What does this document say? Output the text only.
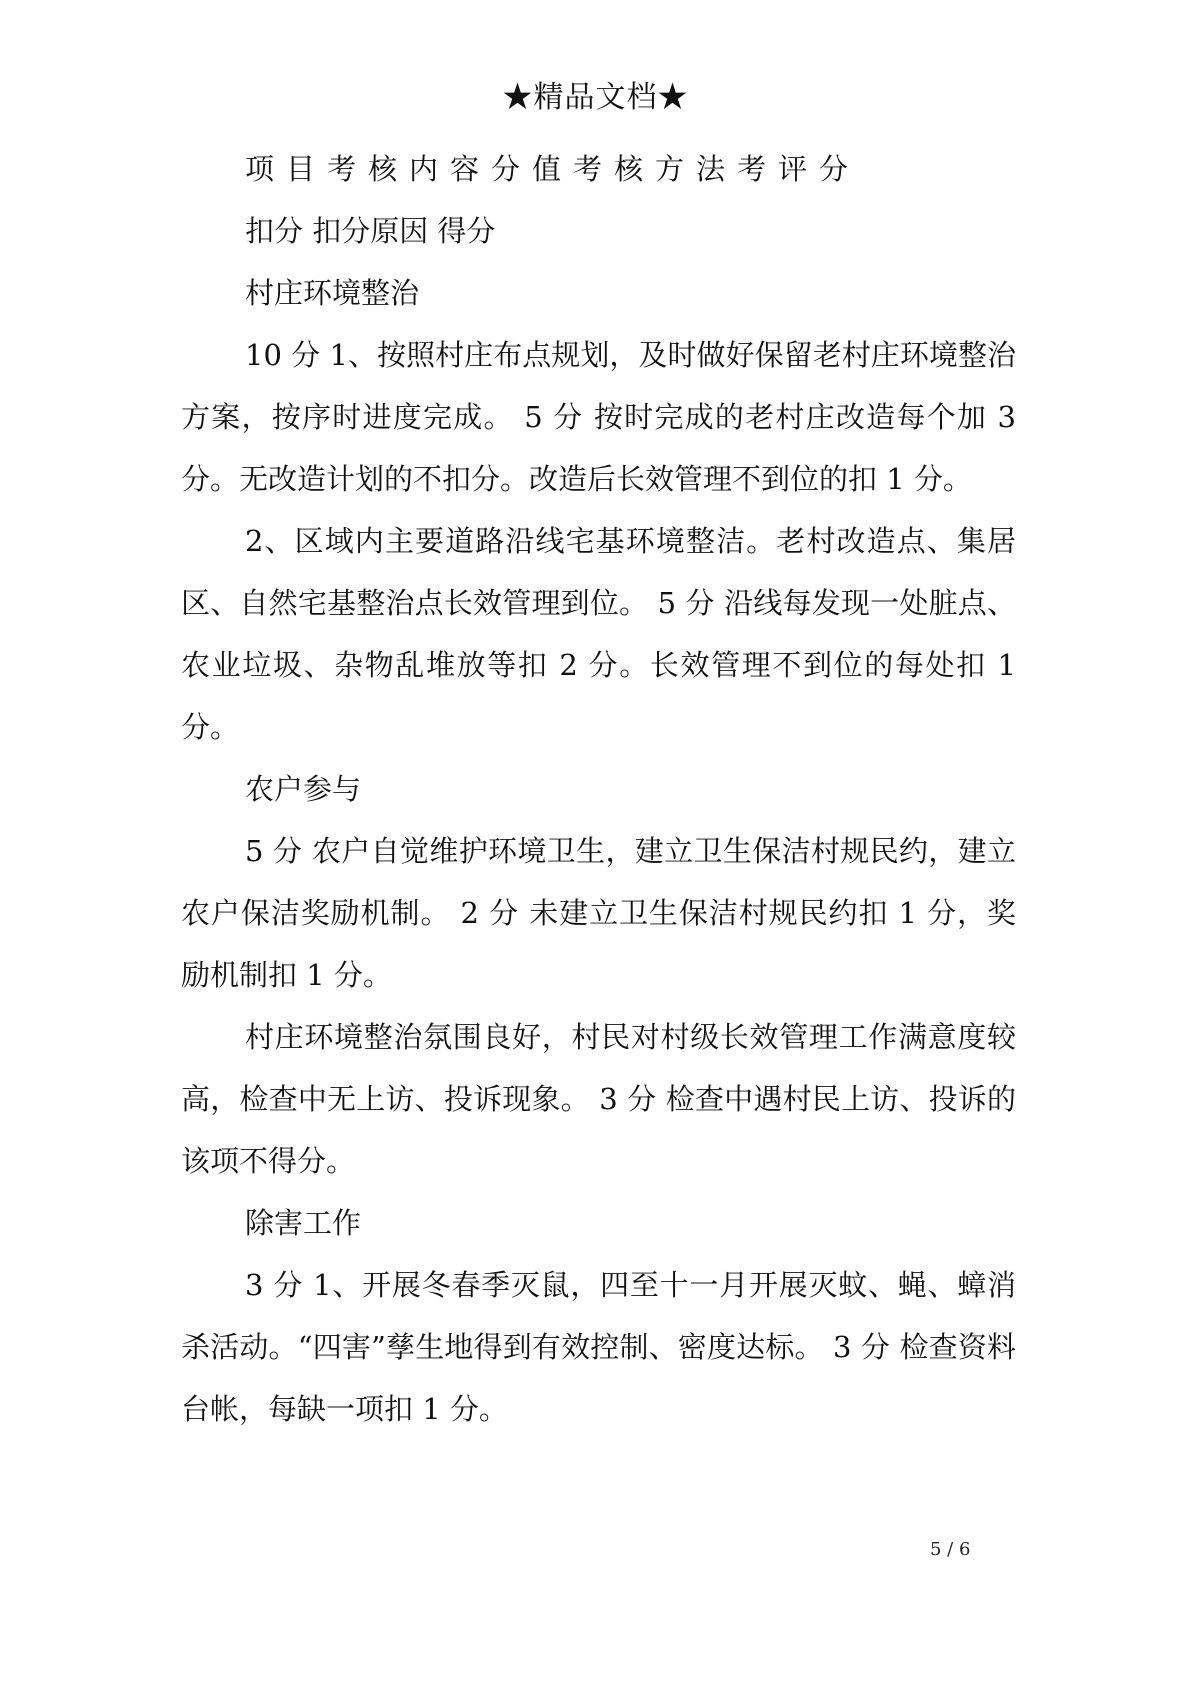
★精品文档★

项目考核内容分值考核方法考评分

扣分 扣分原因 得分

村庄环境整治

10 分 1、按照村庄布点规划，及时做好保留老村庄环境整治方案，按序时进度完成。 5 分 按时完成的老村庄改造每个加 3 分。无改造计划的不扣分。改造后长效管理不到位的扣 1 分。

2、区域内主要道路沿线宅基环境整洁。老村改造点、集居区、自然宅基整治点长效管理到位。 5 分 沿线每发现一处脏点、农业垃圾、杂物乱堆放等扣 2 分。长效管理不到位的每处扣 1 分。

农户参与

5 分 农户自觉维护环境卫生，建立卫生保洁村规民约，建立农户保洁奖励机制。 2 分 未建立卫生保洁村规民约扣 1 分，奖励机制扣 1 分。

村庄环境整治氛围良好，村民对村级长效管理工作满意度较高，检查中无上访、投诉现象。 3 分 检查中遇村民上访、投诉的该项不得分。

除害工作

3 分 1、开展冬春季灭鼠，四至十一月开展灭蚊、蝇、蟑消杀活动。“四害”孳生地得到有效控制、密度达标。 3 分 检查资料台帐，每缺一项扣 1 分。

5 / 6
